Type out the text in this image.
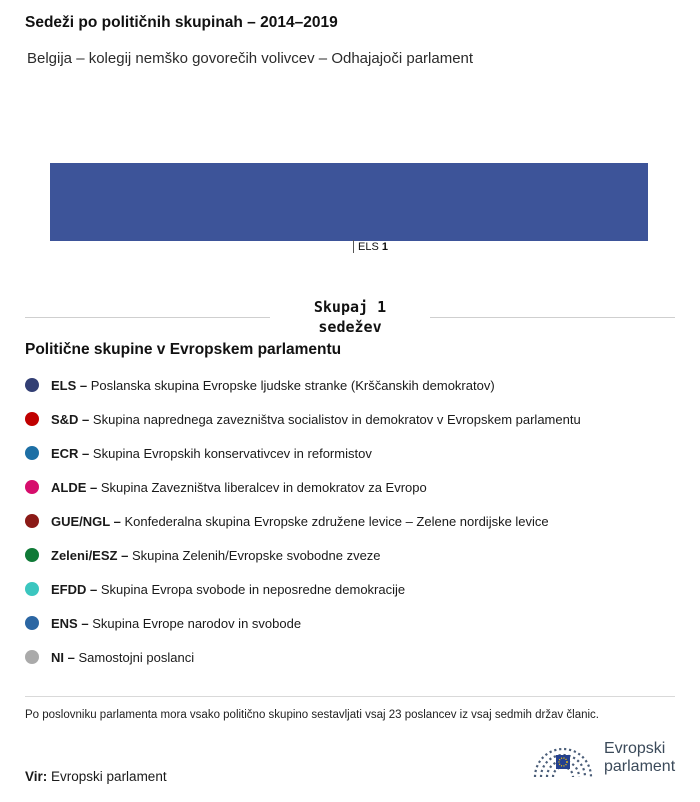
Sedeži po političnih skupinah – 2014–2019
Belgija – kolegij nemško govorečih volivcev – Odhajajoči parlament
ELS 1
Skupaj 1
sedežev
Politične skupine v Evropskem parlamentu
ELS – Poslanska skupina Evropske ljudske stranke (Krščanskih demokratov)
S&D – Skupina naprednega zavezništva socialistov in demokratov v Evropskem parlamentu
ECR – Skupina Evropskih konservativcev in reformistov
ALDE – Skupina Zavezništva liberalcev in demokratov za Evropo
GUE/NGL – Konfederalna skupina Evropske združene levice – Zelene nordijske levice
Zeleni/ESZ – Skupina Zelenih/Evropske svobodne zveze
EFDD – Skupina Evropa svobode in neposredne demokracije
ENS – Skupina Evrope narodov in svobode
NI – Samostojni poslanci
Po poslovniku parlamenta mora vsako politično skupino sestavljati vsaj 23 poslancev iz vsaj sedmih držav članic.
Vir: Evropski parlament
Evropski
parlament
